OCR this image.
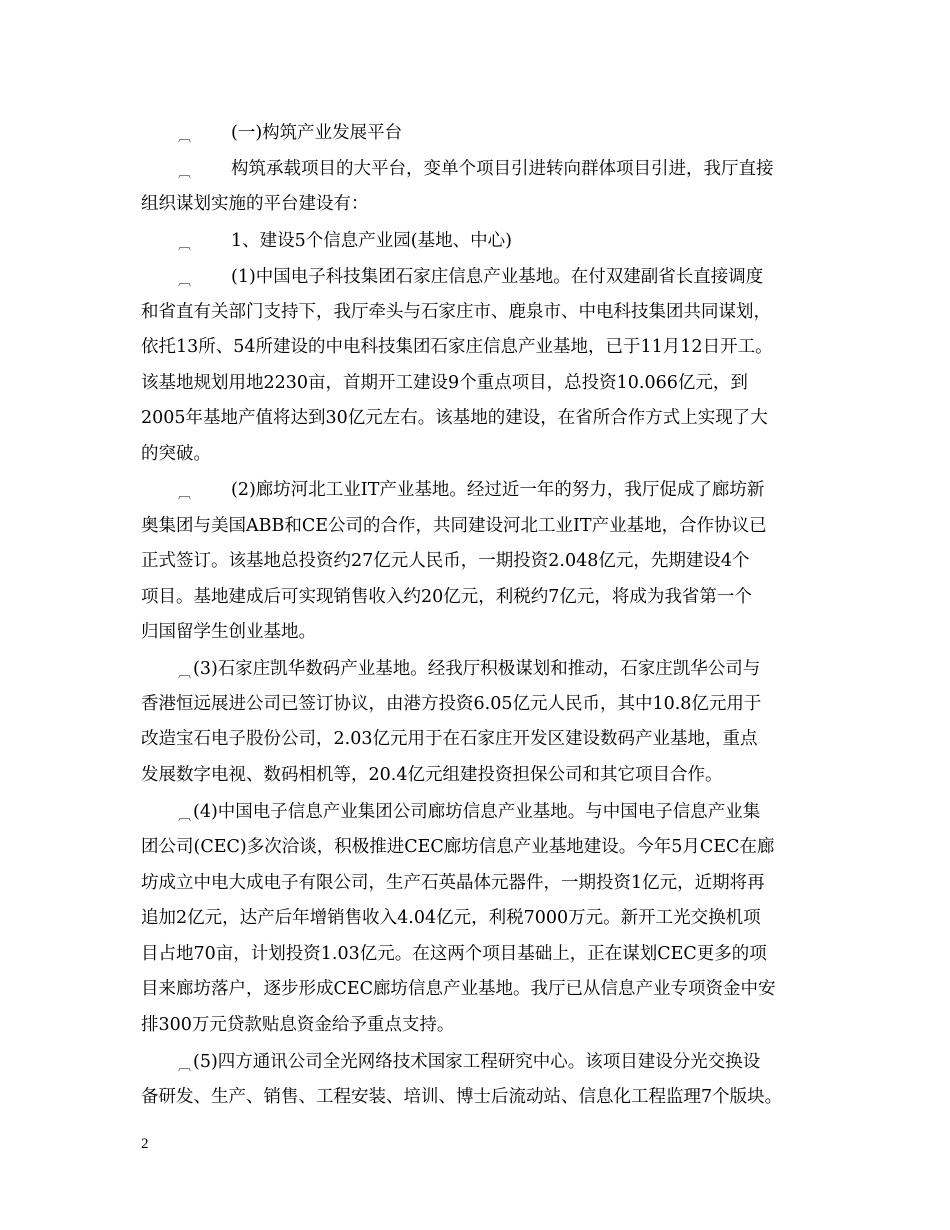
︹
︹
︹
︹
︹
︹
︹
︹
(一)构筑产业发展平台
构筑承载项目的大平台，变单个项目引进转向群体项目引进，我厅直接
组织谋划实施的平台建设有：
1、建设5个信息产业园(基地、中心)
(1)中国电子科技集团石家庄信息产业基地。在付双建副省长直接调度
和省直有关部门支持下，我厅牵头与石家庄市、鹿泉市、中电科技集团共同谋划，
依托13所、54所建设的中电科技集团石家庄信息产业基地，已于11月12日开工。
该基地规划用地2230亩，首期开工建设9个重点项目，总投资10.066亿元，到
2005年基地产值将达到30亿元左右。该基地的建设，在省所合作方式上实现了大
的突破。
(2)廊坊河北工业IT产业基地。经过近一年的努力，我厅促成了廊坊新
奥集团与美国ABB和CE公司的合作，共同建设河北工业IT产业基地，合作协议已
正式签订。该基地总投资约27亿元人民币，一期投资2.048亿元，先期建设4个
项目。基地建成后可实现销售收入约20亿元，利税约7亿元，将成为我省第一个
归国留学生创业基地。
(3)石家庄凯华数码产业基地。经我厅积极谋划和推动，石家庄凯华公司与
香港恒远展进公司已签订协议，由港方投资6.05亿元人民币，其中10.8亿元用于
改造宝石电子股份公司，2.03亿元用于在石家庄开发区建设数码产业基地，重点
发展数字电视、数码相机等，20.4亿元组建投资担保公司和其它项目合作。
(4)中国电子信息产业集团公司廊坊信息产业基地。与中国电子信息产业集
团公司(CEC)多次洽谈，积极推进CEC廊坊信息产业基地建设。今年5月CEC在廊
坊成立中电大成电子有限公司，生产石英晶体元器件，一期投资1亿元，近期将再
追加2亿元，达产后年增销售收入4.04亿元，利税7000万元。新开工光交换机项
目占地70亩，计划投资1.03亿元。在这两个项目基础上，正在谋划CEC更多的项
目来廊坊落户，逐步形成CEC廊坊信息产业基地。我厅已从信息产业专项资金中安
排300万元贷款贴息资金给予重点支持。
(5)四方通讯公司全光网络技术国家工程研究中心。该项目建设分光交换设
备研发、生产、销售、工程安装、培训、博士后流动站、信息化工程监理7个版块。
2
